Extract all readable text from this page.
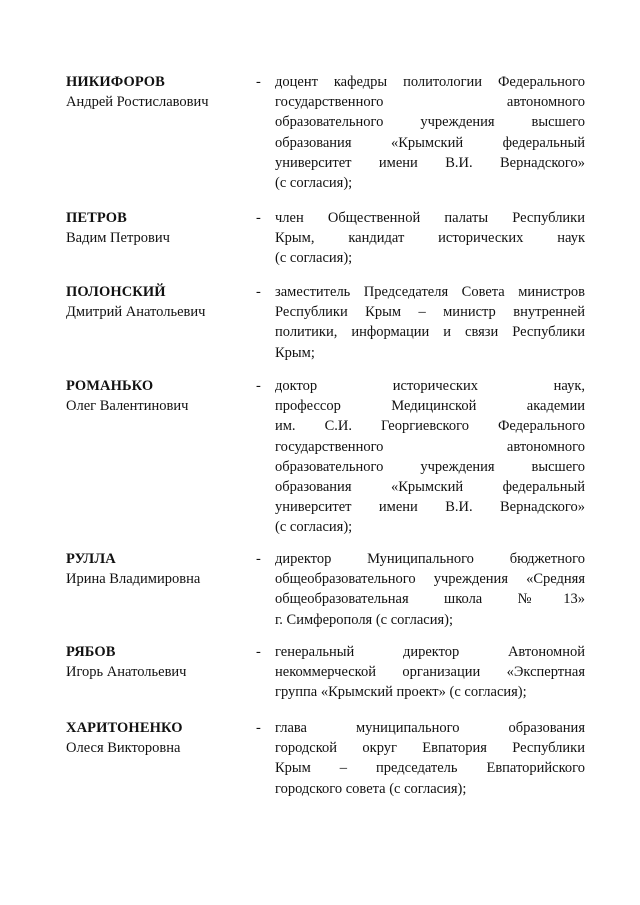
НИКИФОРОВ
Андрей Ростиславович
- доцент кафедры политологии Федерального
государственного автономного
образовательного учреждения высшего
образования «Крымский федеральный
университет имени В.И. Вернадского»
(с согласия);
ПЕТРОВ
Вадим Петрович
- член Общественной палаты Республики
Крым, кандидат исторических наук
(с согласия);
ПОЛОНСКИЙ
Дмитрий Анатольевич
- заместитель Председателя Совета министров
Республики Крым – министр внутренней
политики, информации и связи Республики
Крым;
РОМАНЬКО
Олег Валентинович
- доктор исторических наук,
профессор Медицинской академии
им. С.И. Георгиевского Федерального
государственного автономного
образовательного учреждения высшего
образования «Крымский федеральный
университет имени В.И. Вернадского»
(с согласия);
РУЛЛА
Ирина Владимировна
- директор Муниципального бюджетного
общеобразовательного учреждения «Средняя
общеобразовательная школа №13»
г. Симферополя (с согласия);
РЯБОВ
Игорь Анатольевич
- генеральный директор Автономной
некоммерческой организации «Экспертная
группа «Крымский проект» (с согласия);
ХАРИТОНЕНКО
Олеся Викторовна
- глава муниципального образования
городской округ Евпатория Республики
Крым – председатель Евпаторийского
городского совета (с согласия);
